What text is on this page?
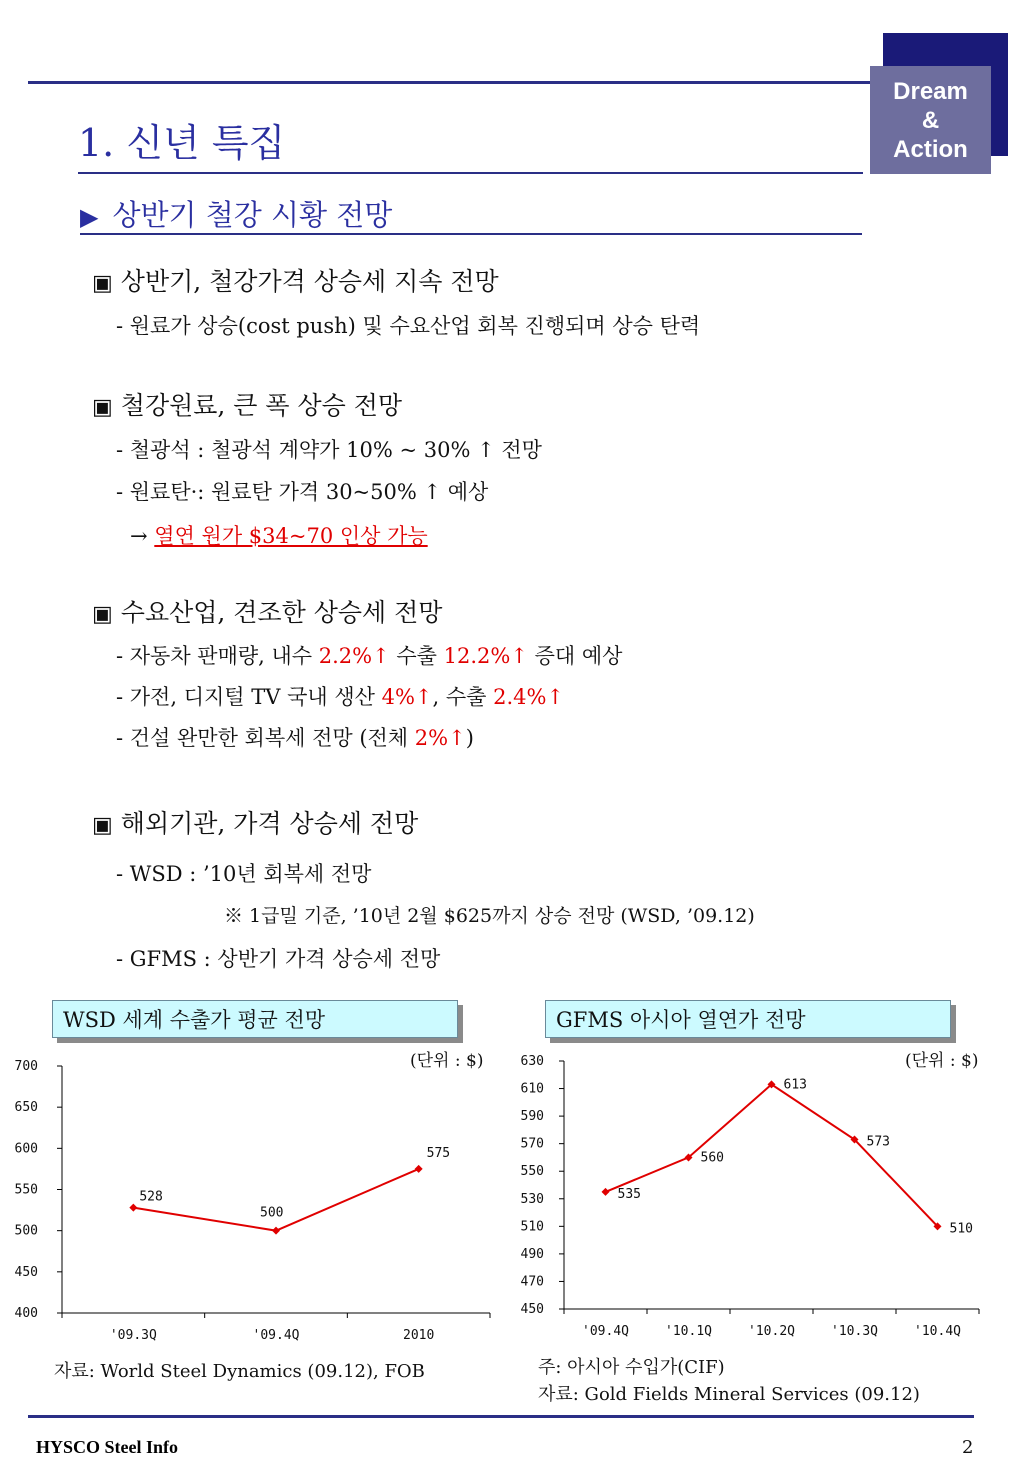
Dream
&
Action
1. 신년 특집
▶ 상반기 철강 시황 전망
▣ 상반기, 철강가격 상승세 지속 전망
- 원료가 상승(cost push) 및 수요산업 회복 진행되며 상승 탄력
▣ 철강원료, 큰 폭 상승 전망
- 철광석 : 철광석 계약가 10% ~ 30% ↑ 전망
- 원료탄·: 원료탄 가격 30~50% ↑ 예상
→ 열연 원가 $34~70 인상 가능
▣ 수요산업, 견조한 상승세 전망
- 자동차 판매량, 내수 2.2%↑ 수출 12.2%↑ 증대 예상
- 가전, 디지털 TV 국내 생산 4%↑, 수출 2.4%↑
- 건설 완만한 회복세 전망 (전체 2%↑)
▣ 해외기관, 가격 상승세 전망
- WSD : ’10년 회복세 전망
※ 1급밀 기준, ’10년 2월 $625까지 상승 전망 (WSD, ’09.12)
- GFMS : 상반기 가격 상승세 전망
WSD 세계 수출가 평균 전망
400
450
500
550
600
650
700
'09.3Q	'09.4Q	2010
528
500
575
(단위 : $)
자료: World Steel Dynamics (09.12), FOB
GFMS 아시아 열연가 전망
450
470
490
510
530
550
570
590
610
630
'09.4Q	'10.1Q	'10.2Q	'10.3Q	'10.4Q
535
560
613
573
510
(단위 : $)
주: 아시아 수입가(CIF)
자료: Gold Fields Mineral Services (09.12)
HYSCO Steel Info	2
